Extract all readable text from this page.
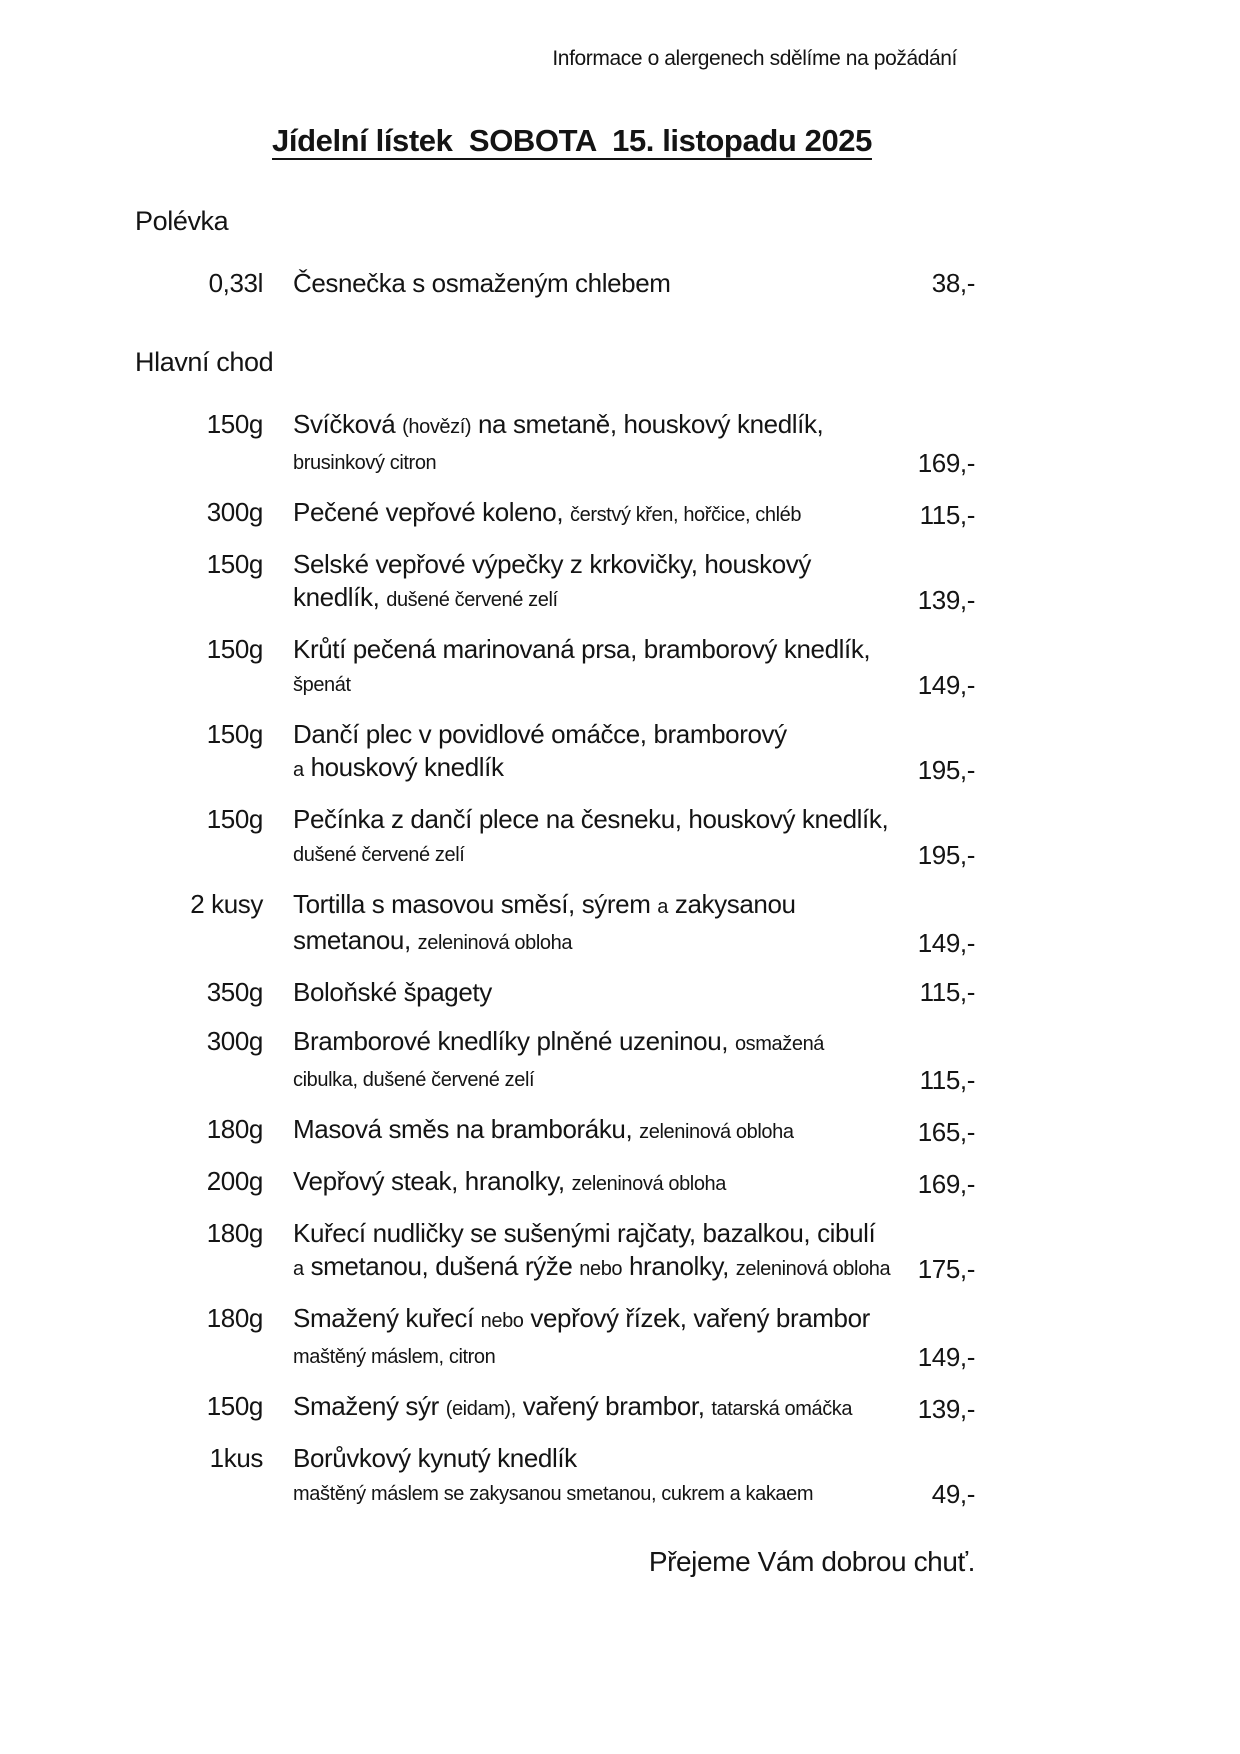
Informace o alergenech sdělíme na požádání
Jídelní lístek  SOBOTA  15. listopadu 2025
Polévka
0,33l Česnečka s osmaženým chlebem	38,-
Hlavní chod
150g Svíčková (hovězí) na smetaně, houskový knedlík,
brusinkový citron	169,-
300g Pečené vepřové koleno, čerstvý křen, hořčice, chléb	115,-
150g Selské vepřové výpečky z krkovičky, houskový
knedlík, dušené červené zelí	139,-
150g Krůtí pečená marinovaná prsa, bramborový knedlík,
špenát	149,-
150g Dančí plec v povidlové omáčce, bramborový
a houskový knedlík	195,-
150g Pečínka z dančí plece na česneku, houskový knedlík,
dušené červené zelí	195,-
2 kusy Tortilla s masovou směsí, sýrem a zakysanou
smetanou, zeleninová obloha	149,-
350g Boloňské špagety	115,-
300g Bramborové knedlíky plněné uzeninou, osmažená
cibulka, dušené červené zelí	115,-
180g Masová směs na bramboráku, zeleninová obloha	165,-
200g Vepřový steak, hranolky, zeleninová obloha	169,-
180g Kuřecí nudličky se sušenými rajčaty, bazalkou, cibulí
a smetanou, dušená rýže nebo hranolky, zeleninová obloha	175,-
180g Smažený kuřecí nebo vepřový řízek, vařený brambor
maštěný máslem, citron	149,-
150g Smažený sýr (eidam), vařený brambor, tatarská omáčka	139,-
1kus Borůvkový kynutý knedlík
maštěný máslem se zakysanou smetanou, cukrem a kakaem	49,-
Přejeme Vám dobrou chuť.
